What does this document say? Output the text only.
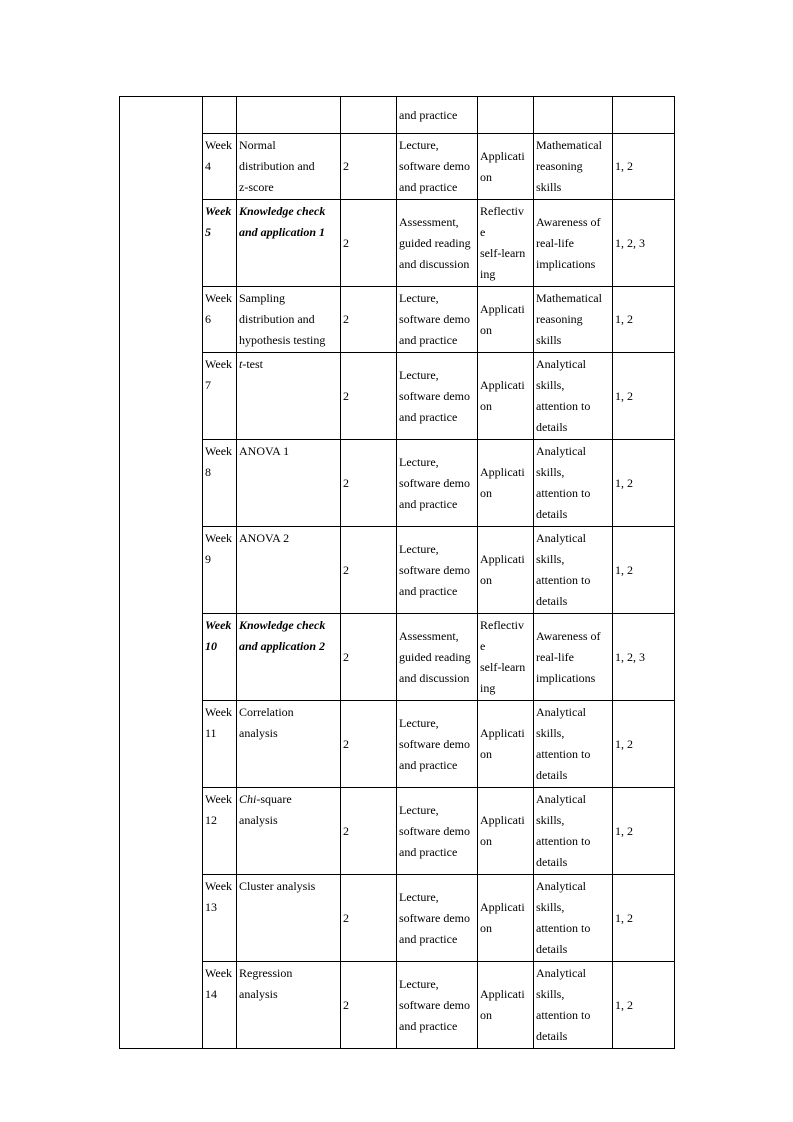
				and practice			
	Week
4	Normal
distribution and
z-score	2	Lecture,
software demo
and practice	Applicati
on	Mathematical
reasoning
skills	1, 2
	Week
5	Knowledge check
and application 1	2	Assessment,
guided reading
and discussion	Reflectiv
e
self-learn
ing	Awareness of
real-life
implications	1, 2, 3
	Week
6	Sampling
distribution and
hypothesis testing	2	Lecture,
software demo
and practice	Applicati
on	Mathematical
reasoning
skills	1, 2
	Week
7	t-test	2	Lecture,
software demo
and practice	Applicati
on	Analytical
skills,
attention to
details	1, 2
	Week
8	ANOVA 1	2	Lecture,
software demo
and practice	Applicati
on	Analytical
skills,
attention to
details	1, 2
	Week
9	ANOVA 2	2	Lecture,
software demo
and practice	Applicati
on	Analytical
skills,
attention to
details	1, 2
	Week
10	Knowledge check
and application 2	2	Assessment,
guided reading
and discussion	Reflectiv
e
self-learn
ing	Awareness of
real-life
implications	1, 2, 3
	Week
11	Correlation
analysis	2	Lecture,
software demo
and practice	Applicati
on	Analytical
skills,
attention to
details	1, 2
	Week
12	Chi-square
analysis	2	Lecture,
software demo
and practice	Applicati
on	Analytical
skills,
attention to
details	1, 2
	Week
13	Cluster analysis	2	Lecture,
software demo
and practice	Applicati
on	Analytical
skills,
attention to
details	1, 2
	Week
14	Regression
analysis	2	Lecture,
software demo
and practice	Applicati
on	Analytical
skills,
attention to
details	1, 2
